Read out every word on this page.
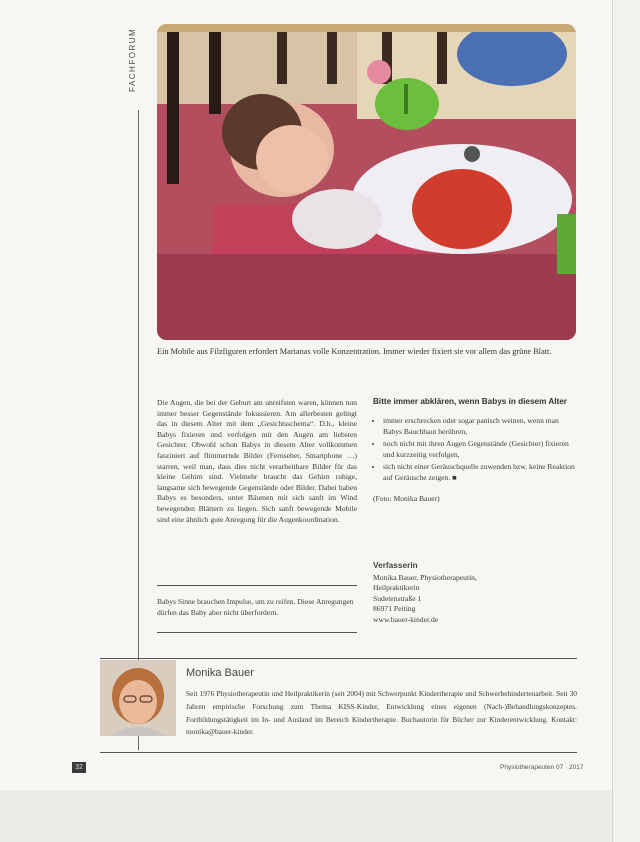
FACHFORUM
Ein Mobile aus Filzfiguren erfordert Marianas volle Konzentration. Immer wieder fixiert sie vor allem das grüne Blatt.
Die Augen, die bei der Geburt am unreifsten waren, können nun immer besser Gegenstände fokussieren. Am allerbesten gelingt das in diesem Alter mit dem „Gesichtsschema“. D.h., kleine Babys fixieren und verfolgen mit den Augen am liebsten Gesichter. Obwohl schon Babys in diesem Alter vollkommen fasziniert auf flimmernde Bilder (Fernseher, Smartphone …) starren, weil man, dass dies nicht verarbeitbare Bilder für das kleine Gehirn sind. Vielmehr braucht das Gehirn ruhige, langsame sich bewegende Gegenstände oder Bilder. Dabei haben Babys es besonders, unter Bäumen mit sich sanft im Wind bewegenden Blättern zu liegen. Sich sanft bewegende Mobile sind eine ähnlich gute Anregung für die Augenkoordination.
Babys Sinne brauchen Impulse, um zu reifen. Diese Anregungen dürfen das Baby aber nicht überfordern.
Bitte immer abklären, wenn Babys in diesem Alter
• immer erschrecken oder sogar panisch weinen, wenn man Babys Bauchhaut berühren,
• noch nicht mit ihren Augen Gegenstände (Gesichter) fixieren und kurzzeitig verfolgen,
• sich nicht einer Geräuschquelle zuwenden bzw. keine Reaktion auf Geräusche zeigen. ■
(Foto: Monika Bauer)
Verfasserin
Monika Bauer, Physiotherapeutin,
Heilpraktikerin
Sudetenstraße 1
86971 Peiting
www.bauer-kinder.de
Monika Bauer
Seit 1976 Physiotherapeutin und Heilpraktikerin (seit 2004) mit Schwerpunkt Kindertherapie und Schwerbehindertenarbeit. Seit 30 Jahren empirische Forschung zum Thema KISS-Kinder, Entwicklung eines eigenen (Nach-)Behandlungskonzeptes. Fortbildungstätigkeit im In- und Ausland im Bereich Kindertherapie. Buchautorin für Bücher zur Kinderentwicklung. Kontakt: monika@bauer-kinder.
32	Physiotherapeuten 07 · 2017
